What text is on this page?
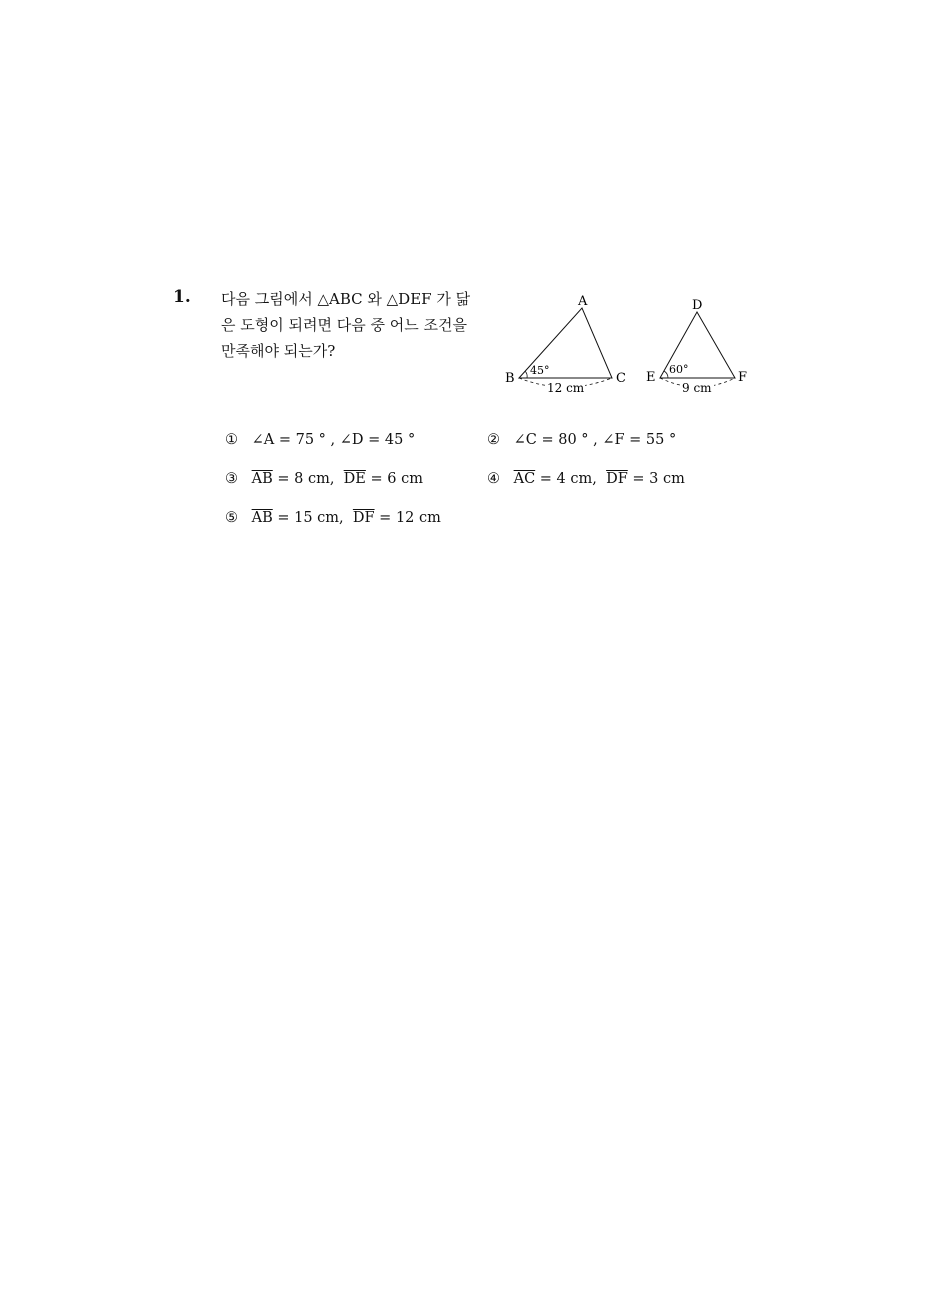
1. 다음 그림에서 △ABC 와 △DEF 가 닮
은 도형이 되려면 다음 중 어느 조건을
만족해야 되는가?
A
B	C
45°
12 cm
D
E	F
60°
9 cm
① ∠A = 75 ° , ∠D = 45 °	② ∠C = 80 ° , ∠F = 55 °
③ $\overline{AB} = 8$ cm,  $\overline{DE} = 6$ cm	④ $\overline{AC} = 4$ cm,  $\overline{DF} = 3$ cm
⑤ $\overline{AB} = 15$ cm,  $\overline{DF} = 12$ cm
